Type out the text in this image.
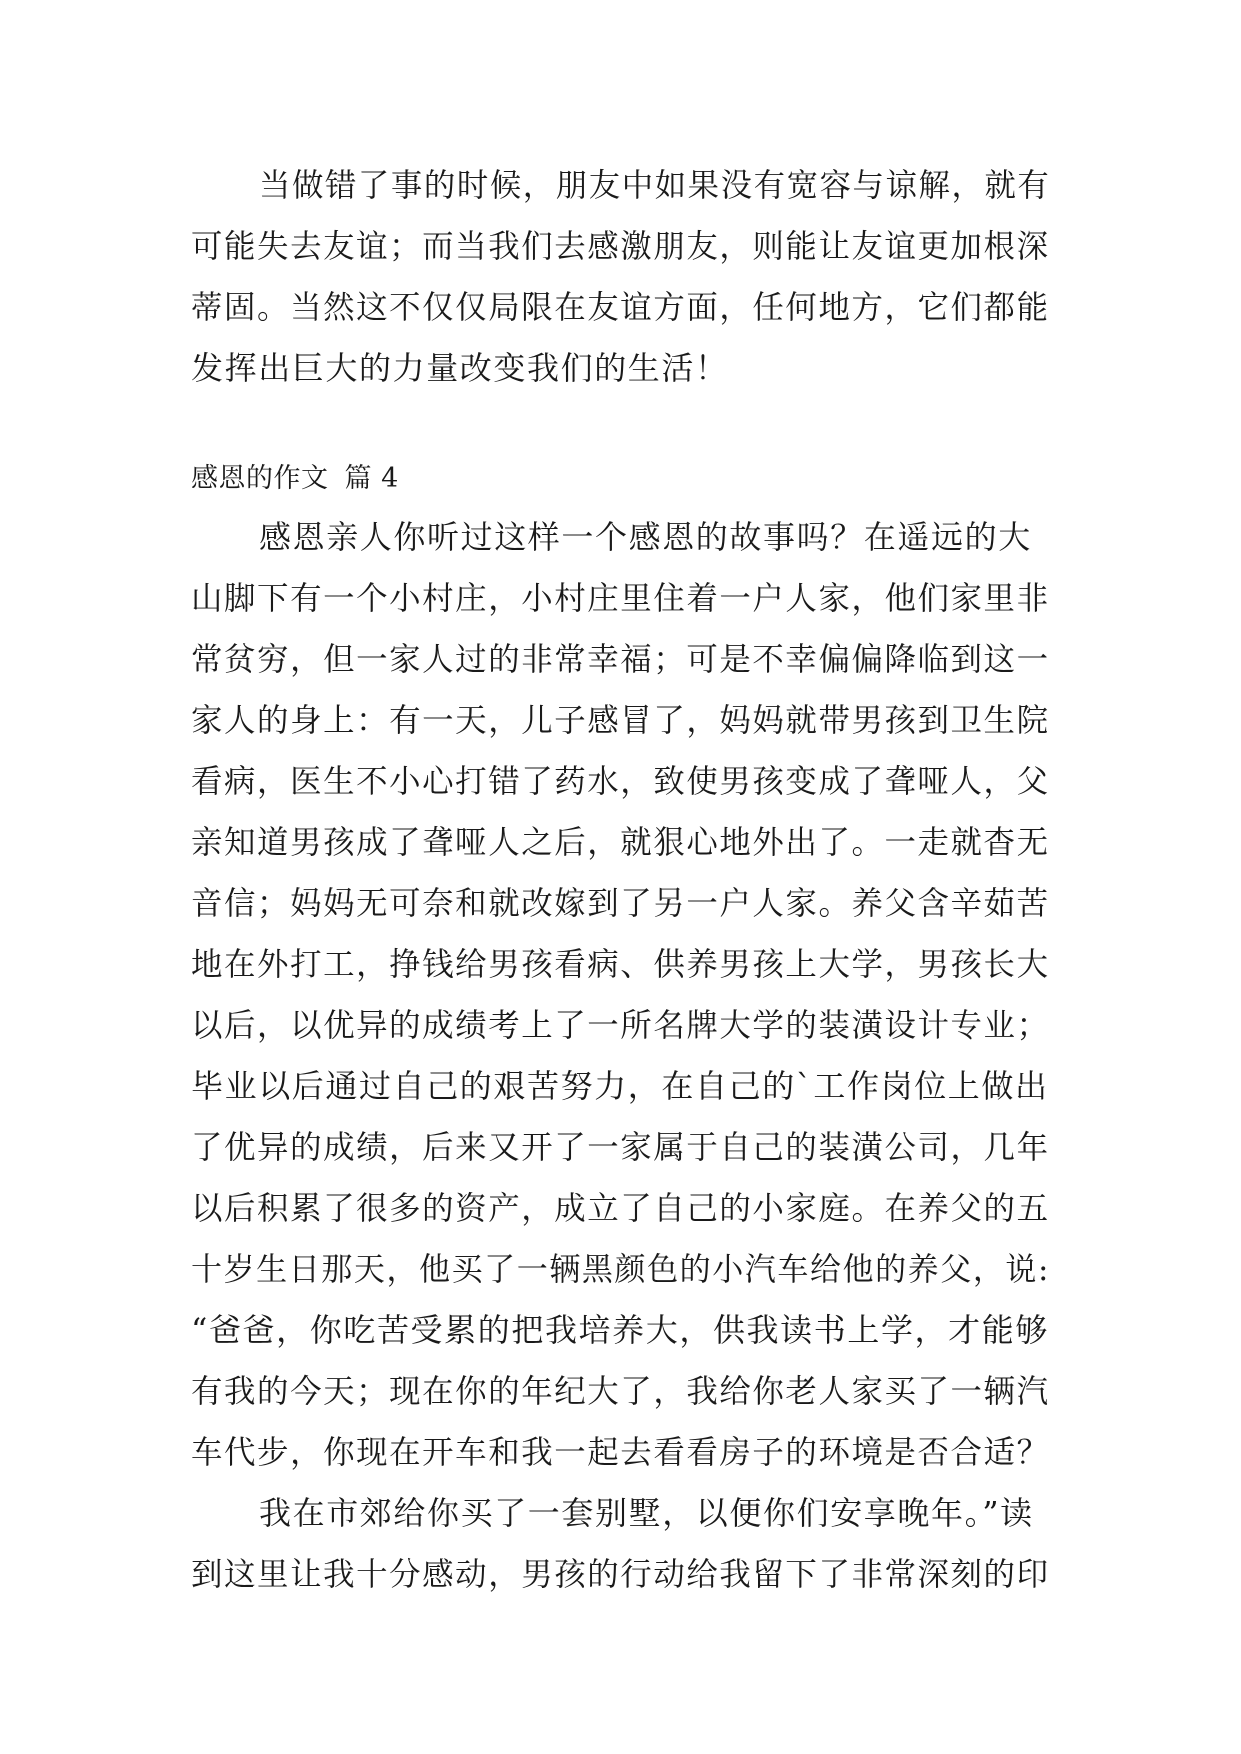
当做错了事的时候，朋友中如果没有宽容与谅解，就有

可能失去友谊；而当我们去感激朋友，则能让友谊更加根深

蒂固。当然这不仅仅局限在友谊方面，任何地方，它们都能

发挥出巨大的力量改变我们的生活！

感恩的作文 篇 4

感恩亲人你听过这样一个感恩的故事吗？在遥远的大

山脚下有一个小村庄，小村庄里住着一户人家，他们家里非

常贫穷，但一家人过的非常幸福；可是不幸偏偏降临到这一

家人的身上：有一天，儿子感冒了，妈妈就带男孩到卫生院

看病，医生不小心打错了药水，致使男孩变成了聋哑人，父

亲知道男孩成了聋哑人之后，就狠心地外出了。一走就杳无

音信；妈妈无可奈和就改嫁到了另一户人家。养父含辛茹苦

地在外打工，挣钱给男孩看病、供养男孩上大学，男孩长大

以后，以优异的成绩考上了一所名牌大学的装潢设计专业；

毕业以后通过自己的艰苦努力，在自己的`工作岗位上做出

了优异的成绩，后来又开了一家属于自己的装潢公司，几年

以后积累了很多的资产，成立了自己的小家庭。在养父的五

十岁生日那天，他买了一辆黑颜色的小汽车给他的养父，说:

“爸爸，你吃苦受累的把我培养大，供我读书上学，才能够

有我的今天；现在你的年纪大了，我给你老人家买了一辆汽

车代步，你现在开车和我一起去看看房子的环境是否合适？

我在市郊给你买了一套别墅，以便你们安享晚年。”读

到这里让我十分感动，男孩的行动给我留下了非常深刻的印
